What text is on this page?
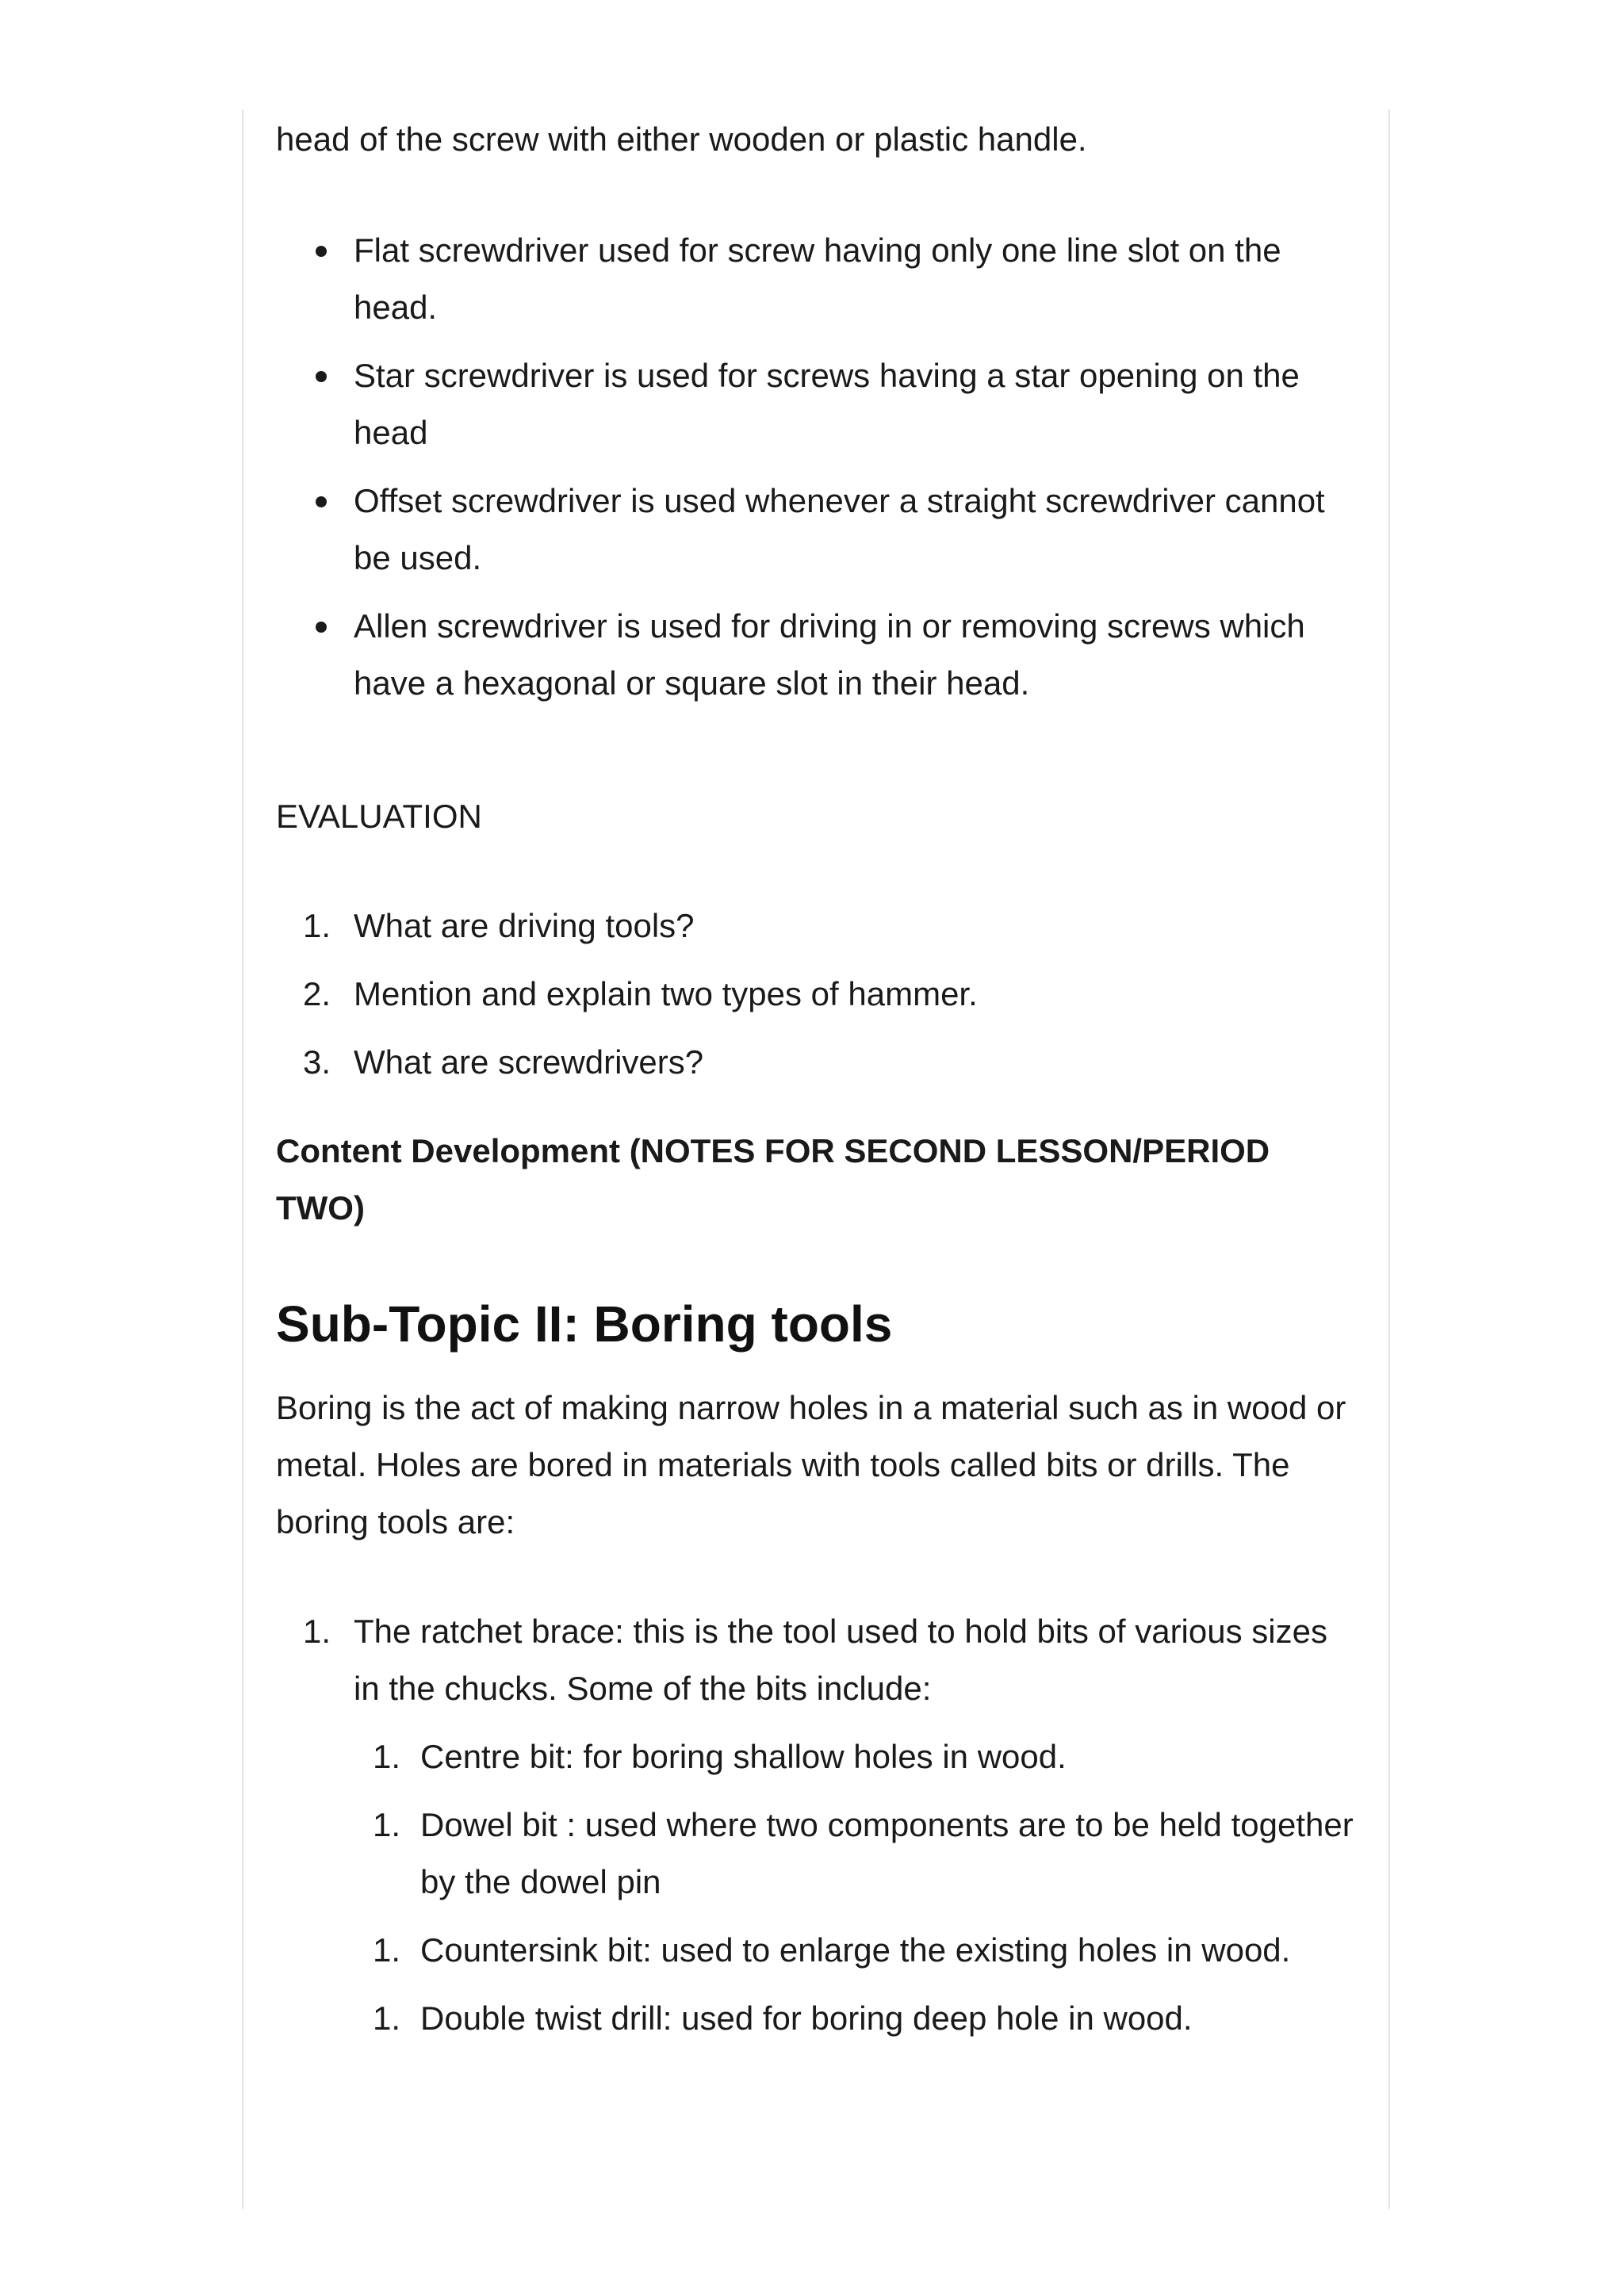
head of the screw with either wooden or plastic handle.

Flat screwdriver used for screw having only one line slot on the head.
Star screwdriver is used for screws having a star opening on the head
Offset screwdriver is used whenever a straight screwdriver cannot be used.
Allen screwdriver is used for driving in or removing screws which have a hexagonal or square slot in their head.

EVALUATION

1. What are driving tools?
2. Mention and explain two types of hammer.
3. What are screwdrivers?

Content Development (NOTES FOR SECOND LESSON/PERIOD TWO)

Sub-Topic II: Boring tools

Boring is the act of making narrow holes in a material such as in wood or metal. Holes are bored in materials with tools called bits or drills. The boring tools are:

1. The ratchet brace: this is the tool used to hold bits of various sizes in the chucks. Some of the bits include:
1. Centre bit: for boring shallow holes in wood.
1. Dowel bit : used where two components are to be held together by the dowel pin
1. Countersink bit: used to enlarge the existing holes in wood.
1. Double twist drill: used for boring deep hole in wood.
